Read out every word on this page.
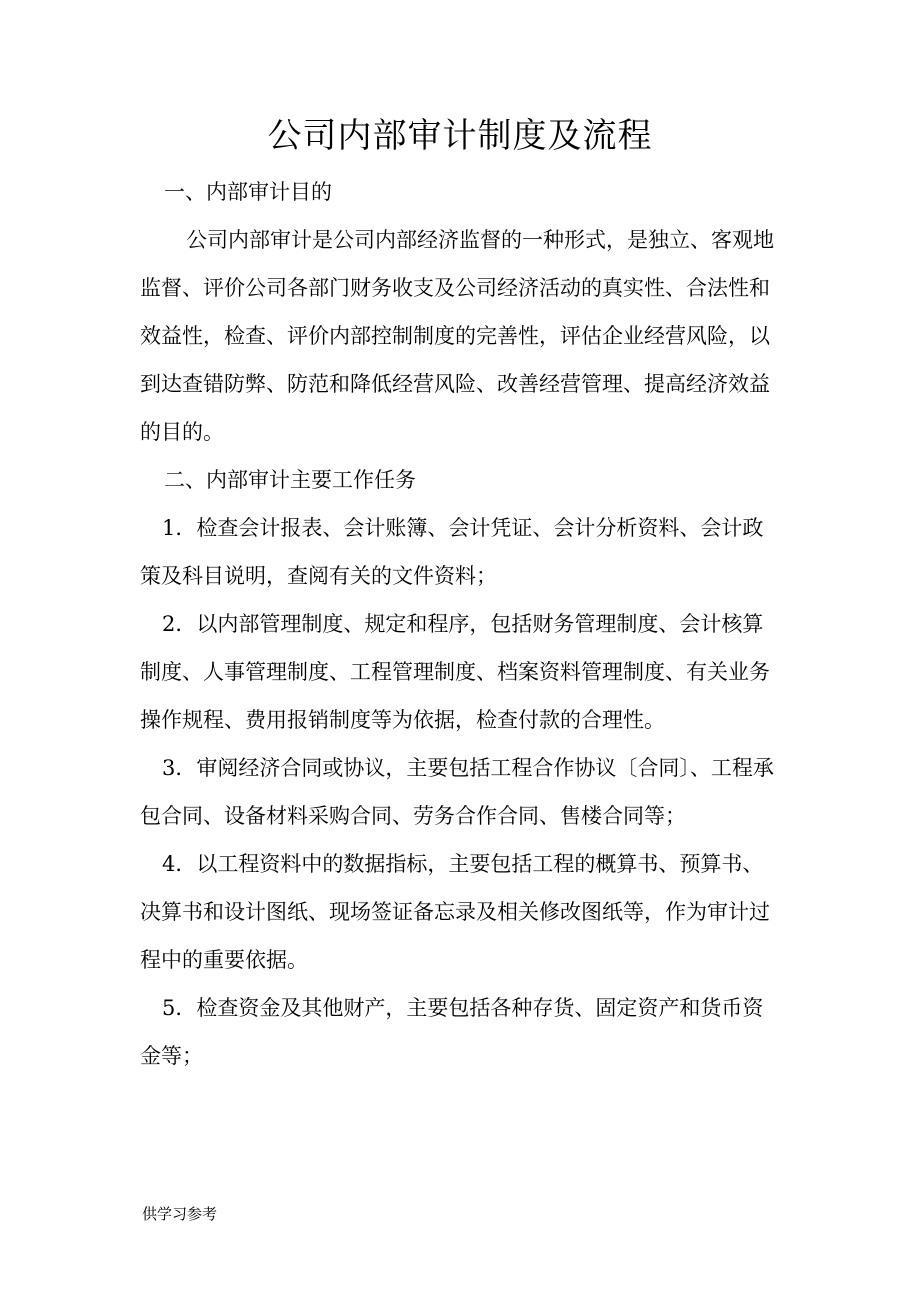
公司内部审计制度及流程

一、内部审计目的

公司内部审计是公司内部经济监督的一种形式，是独立、客观地监督、评价公司各部门财务收支及公司经济活动的真实性、合法性和效益性，检查、评价内部控制制度的完善性，评估企业经营风险，以到达查错防弊、防范和降低经营风险、改善经营管理、提高经济效益的目的。

二、内部审计主要工作任务

1．检查会计报表、会计账簿、会计凭证、会计分析资料、会计政策及科目说明，查阅有关的文件资料；

2．以内部管理制度、规定和程序，包括财务管理制度、会计核算制度、人事管理制度、工程管理制度、档案资料管理制度、有关业务操作规程、费用报销制度等为依据，检查付款的合理性。

3．审阅经济合同或协议，主要包括工程合作协议〔合同〕、工程承包合同、设备材料采购合同、劳务合作合同、售楼合同等；

4．以工程资料中的数据指标，主要包括工程的概算书、预算书、决算书和设计图纸、现场签证备忘录及相关修改图纸等，作为审计过程中的重要依据。

5．检查资金及其他财产，主要包括各种存货、固定资产和货币资金等；

供学习参考
